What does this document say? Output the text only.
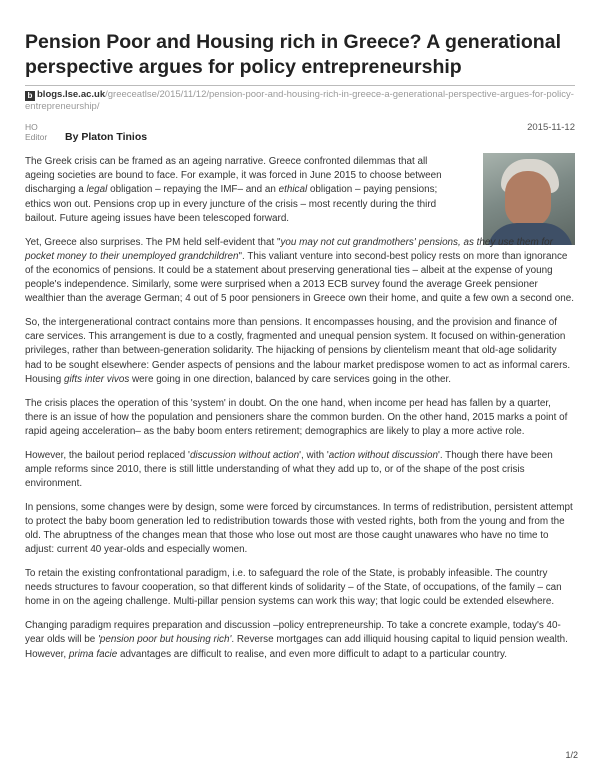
Pension Poor and Housing rich in Greece? A generational perspective argues for policy entrepreneurship
b blogs.lse.ac.uk/greeceatlse/2015/11/12/pension-poor-and-housing-rich-in-greece-a-generational-perspective-argues-for-policy-entrepreneurship/
HO Editor	By Platon Tinios
2015-11-12

The Greek crisis can be framed as an ageing narrative. Greece confronted dilemmas that all ageing societies are bound to face. For example, it was forced in June 2015 to choose between discharging a legal obligation – repaying the IMF– and an ethical obligation – paying pensions; ethics won out. Pensions crop up in every juncture of the crisis – most recently during the third bailout. Future ageing issues have been telescoped forward.

Yet, Greece also surprises. The PM held self-evident that "you may not cut grandmothers' pensions, as they use them for pocket money to their unemployed grandchildren". This valiant venture into second-best policy rests on more than ignorance of the economics of pensions. It could be a statement about preserving generational ties – albeit at the expense of young people's independence. Similarly, some were surprised when a 2013 ECB survey found the average Greek pensioner wealthier than the average German; 4 out of 5 poor pensioners in Greece own their home, and quite a few own a second one.

So, the intergenerational contract contains more than pensions. It encompasses housing, and the provision and finance of care services. This arrangement is due to a costly, fragmented and unequal pension system. It focused on within-generation privileges, rather than between-generation solidarity. The hijacking of pensions by clientelism meant that old-age solidarity had to be sought elsewhere: Gender aspects of pensions and the labour market predispose women to act as informal carers. Housing gifts inter vivos were going in one direction, balanced by care services going in the other.

The crisis places the operation of this 'system' in doubt. On the one hand, when income per head has fallen by a quarter, there is an issue of how the population and pensioners share the common burden. On the other hand, 2015 marks a point of rapid ageing acceleration– as the baby boom enters retirement; demographics are likely to play a more active role.

However, the bailout period replaced 'discussion without action', with 'action without discussion'. Though there have been ample reforms since 2010, there is still little understanding of what they add up to, or of the shape of the post crisis environment.

In pensions, some changes were by design, some were forced by circumstances. In terms of redistribution, persistent attempt to protect the baby boom generation led to redistribution towards those with vested rights, both from the young and from the old. The abruptness of the changes mean that those who lose out most are those caught unawares who have no time to adjust: current 40 year-olds and especially women.

To retain the existing confrontational paradigm, i.e. to safeguard the role of the State, is probably infeasible. The country needs structures to favour cooperation, so that different kinds of solidarity – of the State, of occupations, of the family – can home in on the ageing challenge. Multi-pillar pension systems can work this way; that logic could be extended elsewhere.

Changing paradigm requires preparation and discussion –policy entrepreneurship. To take a concrete example, today's 40-year olds will be 'pension poor but housing rich'. Reverse mortgages can add illiquid housing capital to liquid pension wealth. However, prima facie advantages are difficult to realise, and even more difficult to adapt to a particular country.

1/2
